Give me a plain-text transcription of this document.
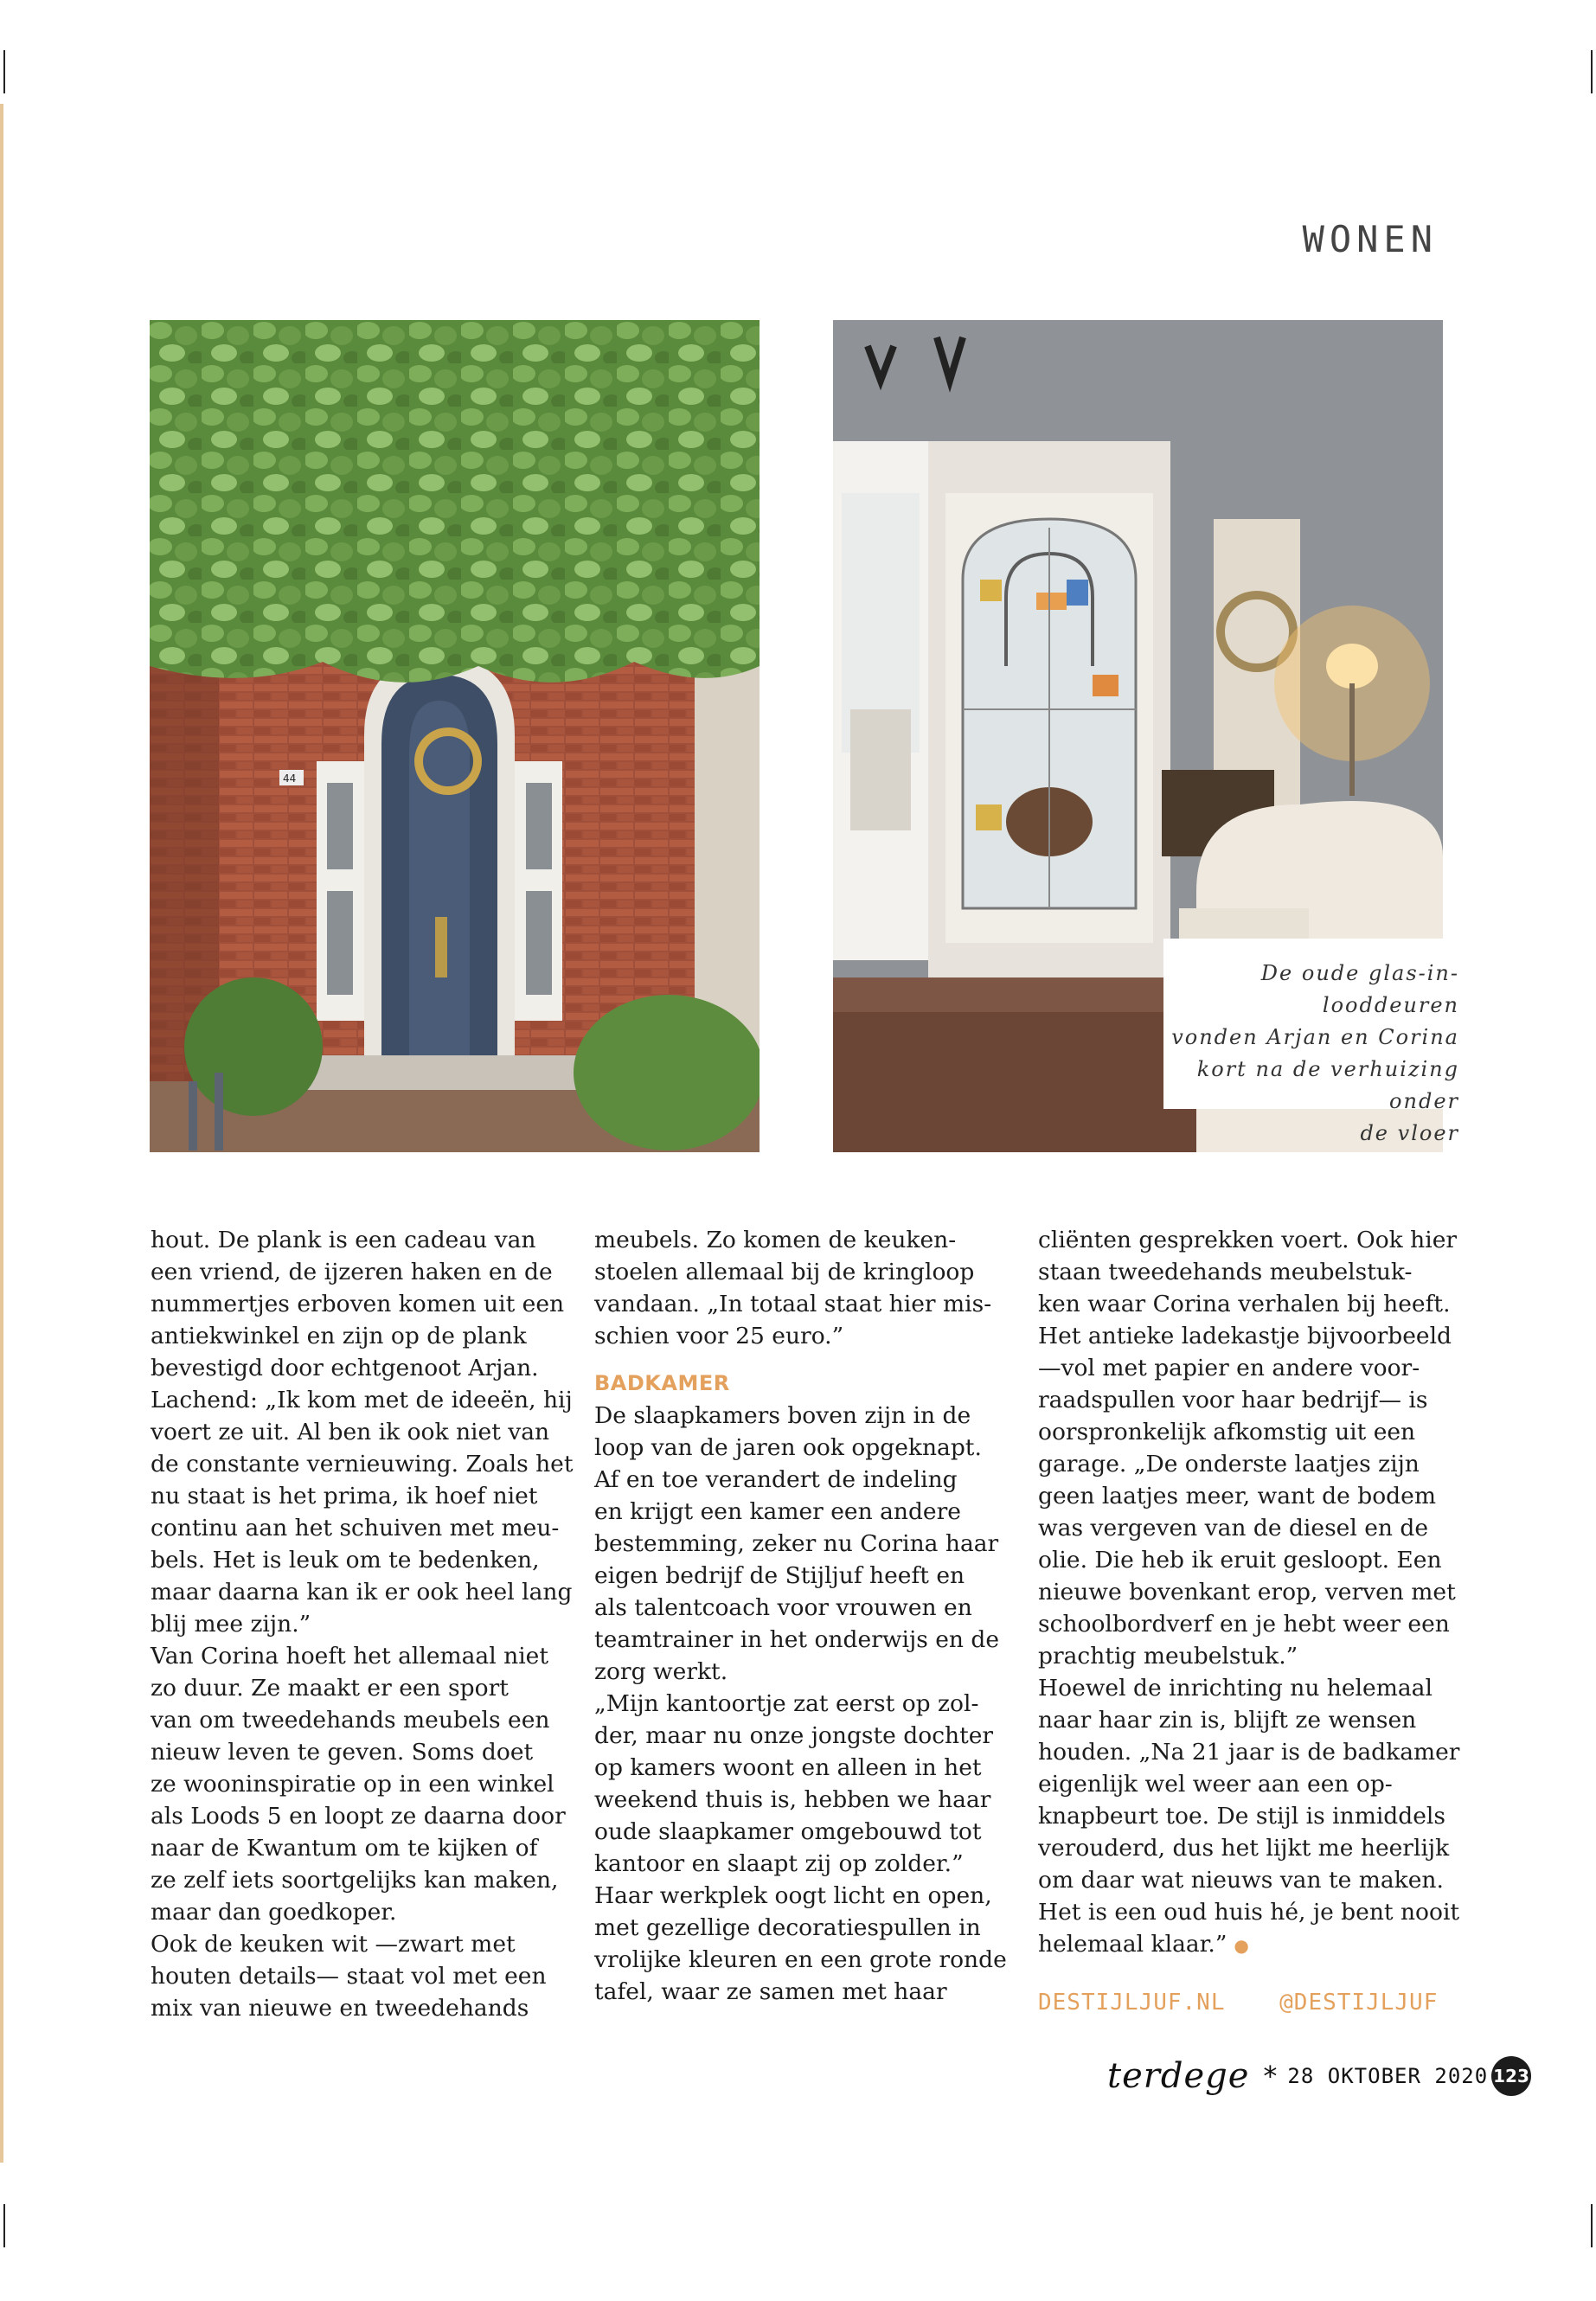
WONEN
44
De oude glas-in-looddeuren
vonden Arjan en Corina
kort na de verhuizing onder
de vloer
hout. De plank is een cadeau van
een vriend, de ijzeren haken en de
nummertjes erboven komen uit een
antiekwinkel en zijn op de plank
bevestigd door echtgenoot Arjan.
Lachend: „Ik kom met de ideeën, hij
voert ze uit. Al ben ik ook niet van
de constante vernieuwing. Zoals het
nu staat is het prima, ik hoef niet
continu aan het schuiven met meu-
bels. Het is leuk om te bedenken,
maar daarna kan ik er ook heel lang
blij mee zijn.”
Van Corina hoeft het allemaal niet
zo duur. Ze maakt er een sport
van om tweedehands meubels een
nieuw leven te geven. Soms doet
ze wooninspiratie op in een winkel
als Loods 5 en loopt ze daarna door
naar de Kwantum om te kijken of
ze zelf iets soortgelijks kan maken,
maar dan goedkoper.
Ook de keuken wit —zwart met
houten details— staat vol met een
mix van nieuwe en tweedehands
meubels. Zo komen de keuken-
stoelen allemaal bij de kringloop
vandaan. „In totaal staat hier mis-
schien voor 25 euro.”
BADKAMER
De slaapkamers boven zijn in de
loop van de jaren ook opgeknapt.
Af en toe verandert de indeling
en krijgt een kamer een andere
bestemming, zeker nu Corina haar
eigen bedrijf de Stijljuf heeft en
als talentcoach voor vrouwen en
teamtrainer in het onderwijs en de
zorg werkt.
„Mijn kantoortje zat eerst op zol-
der, maar nu onze jongste dochter
op kamers woont en alleen in het
weekend thuis is, hebben we haar
oude slaapkamer omgebouwd tot
kantoor en slaapt zij op zolder.”
Haar werkplek oogt licht en open,
met gezellige decoratiespullen in
vrolijke kleuren en een grote ronde
tafel, waar ze samen met haar
cliënten gesprekken voert. Ook hier
staan tweedehands meubelstuk-
ken waar Corina verhalen bij heeft.
Het antieke ladekastje bijvoorbeeld
—vol met papier en andere voor-
raadspullen voor haar bedrijf— is
oorspronkelijk afkomstig uit een
garage. „De onderste laatjes zijn
geen laatjes meer, want de bodem
was vergeven van de diesel en de
olie. Die heb ik eruit gesloopt. Een
nieuwe bovenkant erop, verven met
schoolbordverf en je hebt weer een
prachtig meubelstuk.”
Hoewel de inrichting nu helemaal
naar haar zin is, blijft ze wensen
houden. „Na 21 jaar is de badkamer
eigenlijk wel weer aan een op-
knapbeurt toe. De stijl is inmiddels
verouderd, dus het lijkt me heerlijk
om daar wat nieuws van te maken.
Het is een oud huis hé, je bent nooit
helemaal klaar.” ●
DESTIJLJUF.NL @DESTIJLJUF
terdege * 28 OKTOBER 2020 123
